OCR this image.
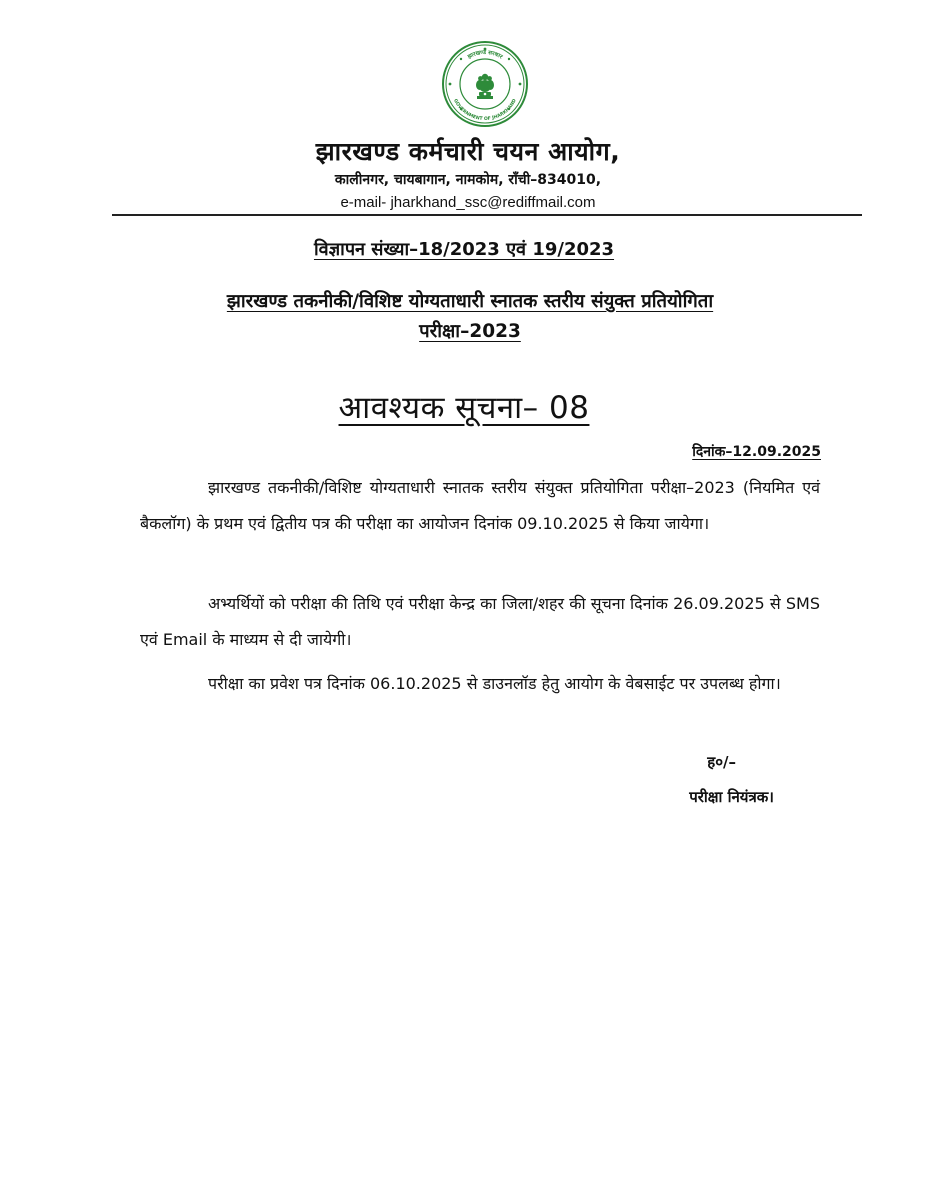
झारखण्ड सरकार
GOVERNMENT OF JHARKHAND
झारखण्ड कर्मचारी चयन आयोग,
कालीनगर, चायबागान, नामकोम, राँची–834010,
e-mail- jharkhand_ssc@rediffmail.com
विज्ञापन संख्या–18/2023 एवं 19/2023
झारखण्ड तकनीकी/विशिष्ट योग्यताधारी स्नातक स्तरीय संयुक्त प्रतियोगिता
परीक्षा–2023
आवश्यक सूचना– 08
दिनांक–12.09.2025

झारखण्ड तकनीकी/विशिष्ट योग्यताधारी स्नातक स्तरीय संयुक्त प्रतियोगिता परीक्षा–2023 (नियमित एवं बैकलॉग) के प्रथम एवं द्वितीय पत्र की परीक्षा का आयोजन दिनांक 09.10.2025 से किया जायेगा।

अभ्यर्थियों को परीक्षा की तिथि एवं परीक्षा केन्द्र का जिला/शहर की सूचना दिनांक 26.09.2025 से SMS एवं Email के माध्यम से दी जायेगी।

परीक्षा का प्रवेश पत्र दिनांक 06.10.2025 से डाउनलॉड हेतु आयोग के वेबसाईट पर उपलब्ध होगा।

ह०/–
परीक्षा नियंत्रक।
